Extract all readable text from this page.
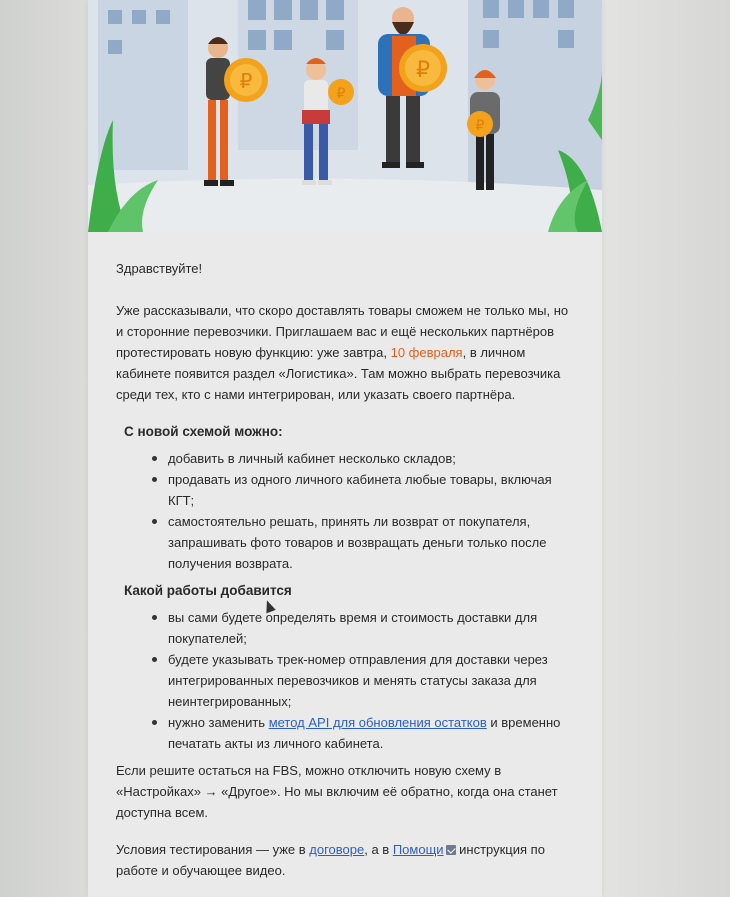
₽
₽
₽
₽

Здравствуйте!

Уже рассказывали, что скоро доставлять товары сможем не только мы, но и сторонние перевозчики. Приглашаем вас и ещё нескольких партнёров протестировать новую функцию: уже завтра, 10 февраля, в личном кабинете появится раздел «Логистика». Там можно выбрать перевозчика среди тех, кто с нами интегрирован, или указать своего партнёра.

С новой схемой можно:
добавить в личный кабинет несколько складов;
продавать из одного личного кабинета любые товары, включая КГТ;
самостоятельно решать, принять ли возврат от покупателя, запрашивать фото товаров и возвращать деньги только после получения возврата.
Какой работы добавится
вы сами будете определять время и стоимость доставки для покупателей;
будете указывать трек-номер отправления для доставки через интегрированных перевозчиков и менять статусы заказа для неинтегрированных;
нужно заменить метод API для обновления остатков и временно печатать акты из личного кабинета.

Если решите остаться на FBS, можно отключить новую схему в «Настройках» → «Другое». Но мы включим её обратно, когда она станет доступна всем.

Условия тестирования — уже в договоре, а в Помощи инструкция по работе и обучающее видео.
